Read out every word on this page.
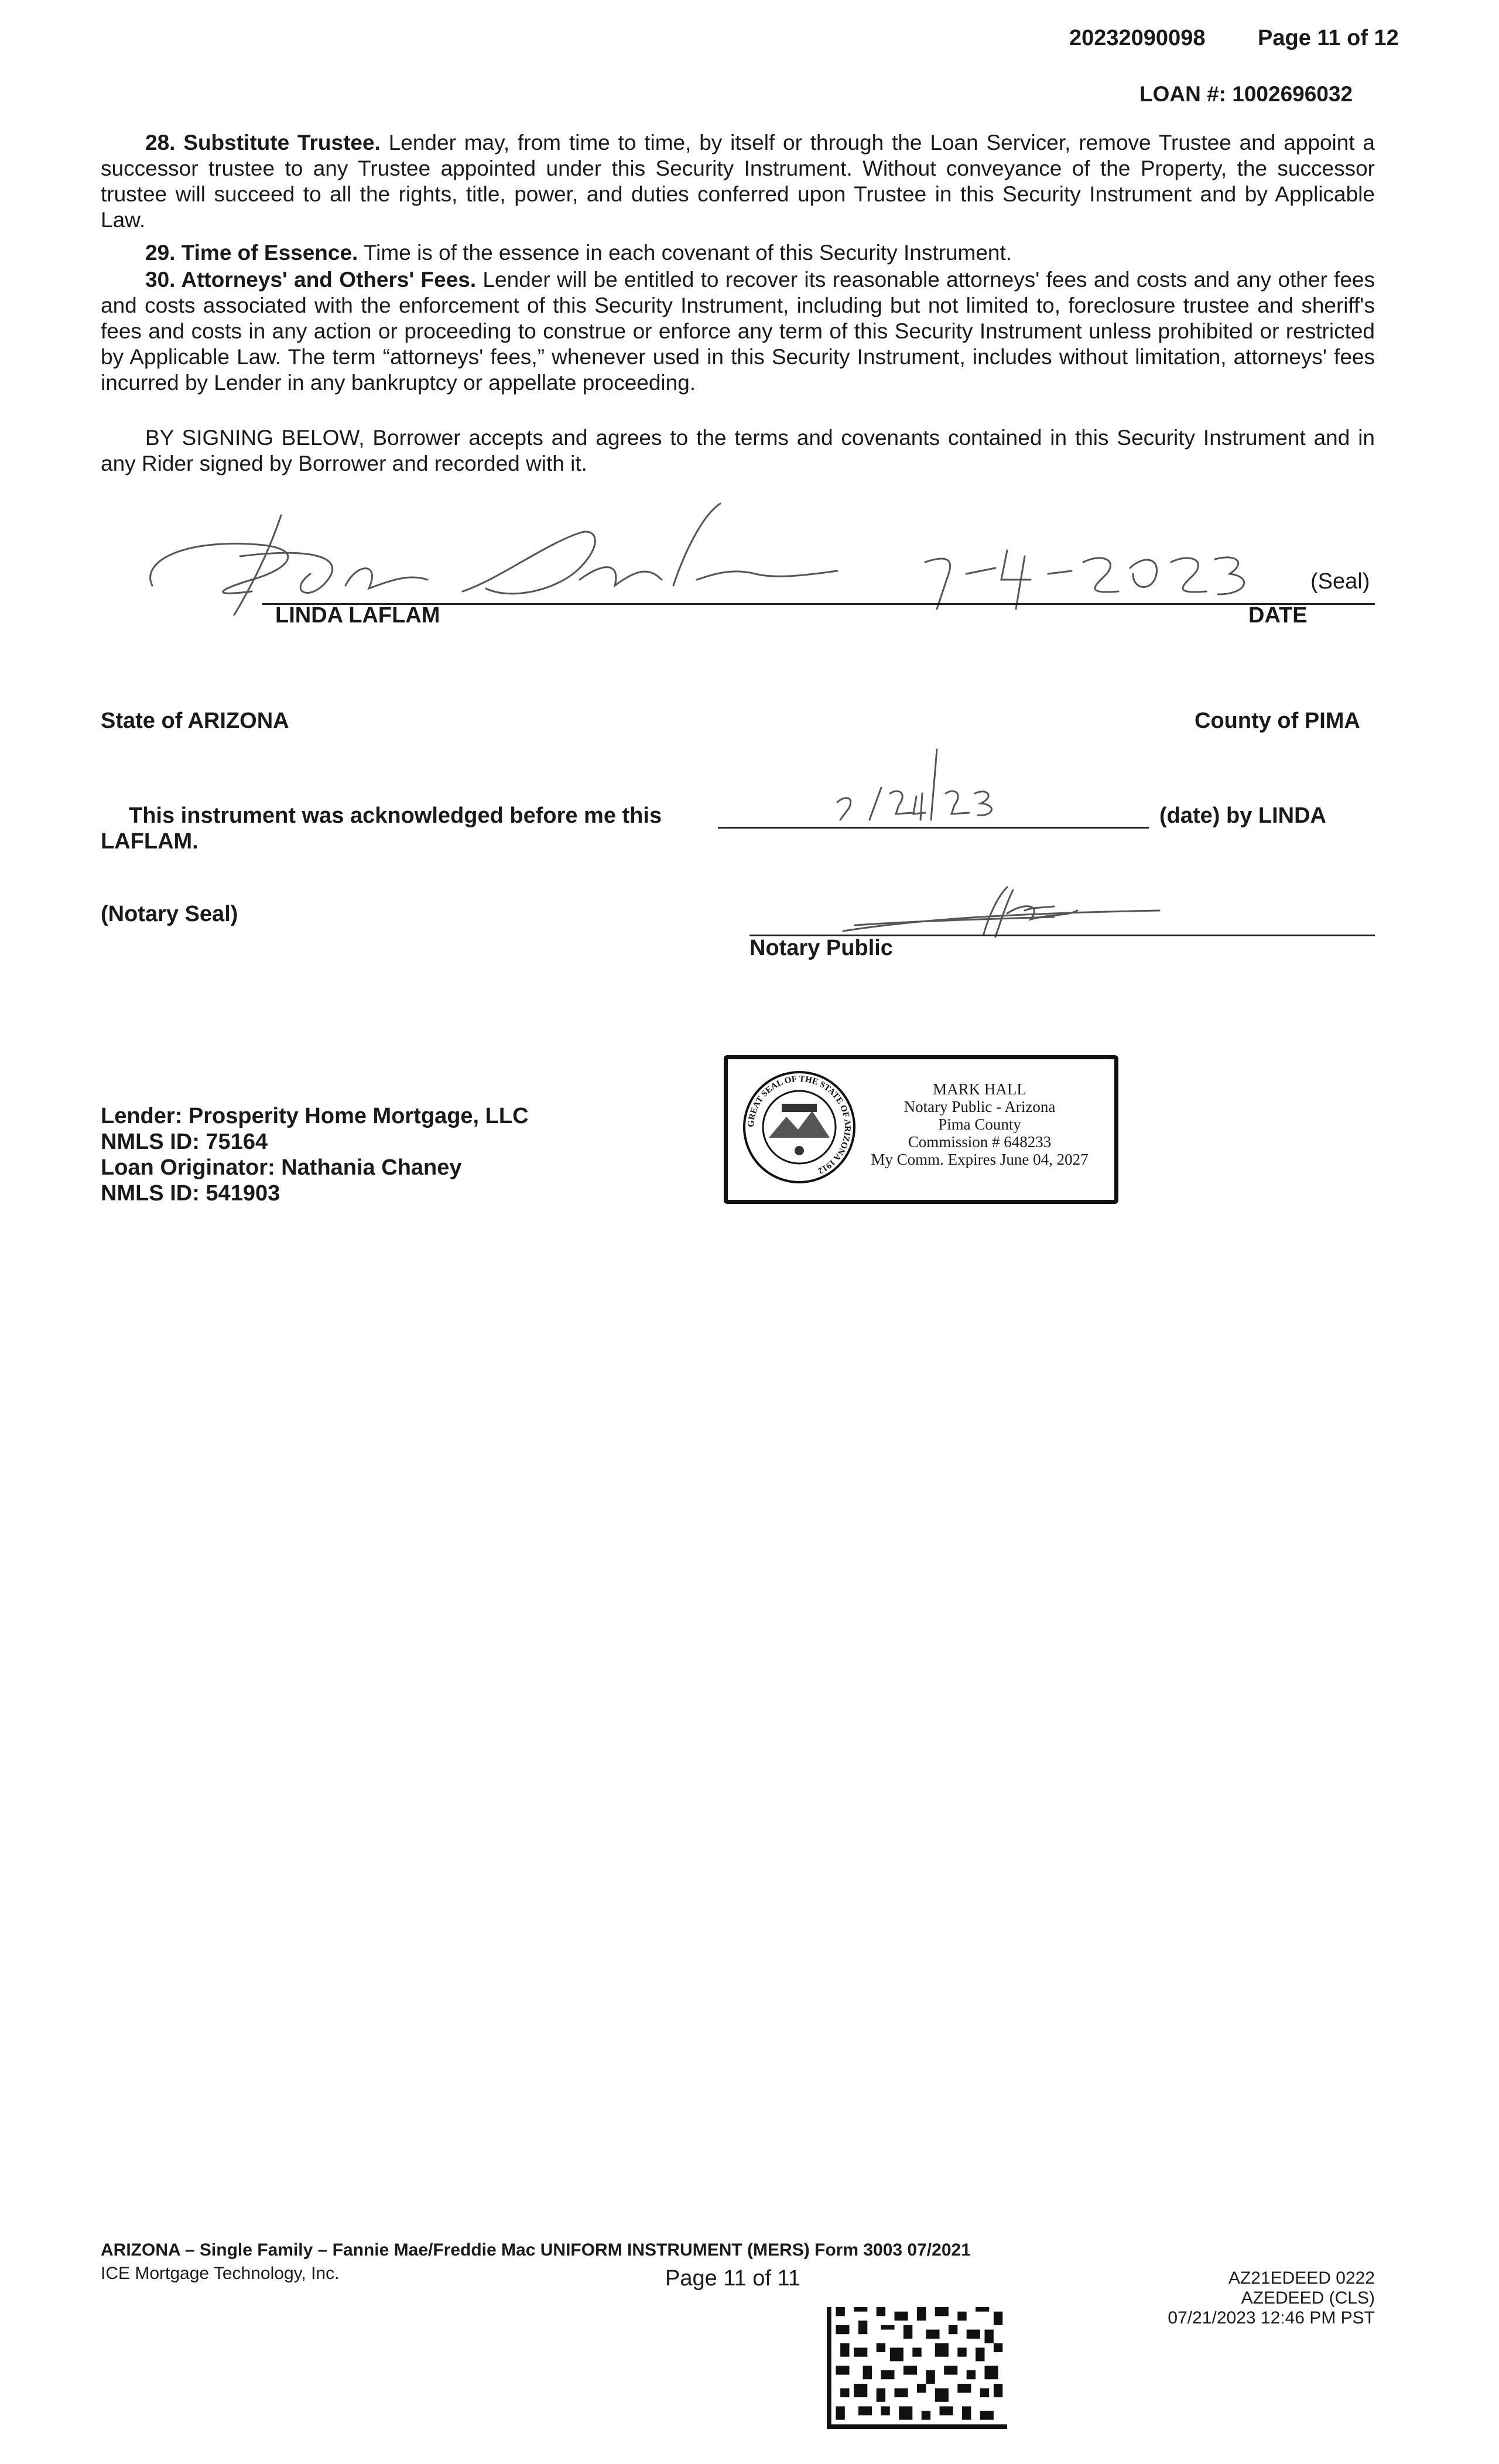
20232090098 Page 11 of 12
LOAN #: 1002696032
28. Substitute Trustee. Lender may, from time to time, by itself or through the Loan Servicer, remove Trustee and appoint a successor trustee to any Trustee appointed under this Security Instrument. Without conveyance of the Property, the successor trustee will succeed to all the rights, title, power, and duties conferred upon Trustee in this Security Instrument and by Applicable Law.
29. Time of Essence. Time is of the essence in each covenant of this Security Instrument.
30. Attorneys' and Others' Fees. Lender will be entitled to recover its reasonable attorneys' fees and costs and any other fees and costs associated with the enforcement of this Security Instrument, including but not limited to, foreclosure trustee and sheriff's fees and costs in any action or proceeding to construe or enforce any term of this Security Instrument unless prohibited or restricted by Applicable Law. The term “attorneys' fees,” whenever used in this Security Instrument, includes without limitation, attorneys' fees incurred by Lender in any bankruptcy or appellate proceeding.
BY SIGNING BELOW, Borrower accepts and agrees to the terms and covenants contained in this Security Instrument and in any Rider signed by Borrower and recorded with it.
(Seal)
LINDA LAFLAM	DATE
State of ARIZONA	County of PIMA
This instrument was acknowledged before me this	(date) by LINDA
LAFLAM.
(Notary Seal)
Notary Public
Lender: Prosperity Home Mortgage, LLC
NMLS ID: 75164
Loan Originator: Nathania Chaney
NMLS ID: 541903
GREAT SEAL OF THE STATE OF ARIZONA 1912
MARK HALL
Notary Public - Arizona
Pima County
Commission # 648233
My Comm. Expires June 04, 2027
ARIZONA – Single Family – Fannie Mae/Freddie Mac UNIFORM INSTRUMENT (MERS) Form 3003 07/2021
ICE Mortgage Technology, Inc.	Page 11 of 11	AZ21EDEED 0222
AZEDEED (CLS)
07/21/2023 12:46 PM PST
